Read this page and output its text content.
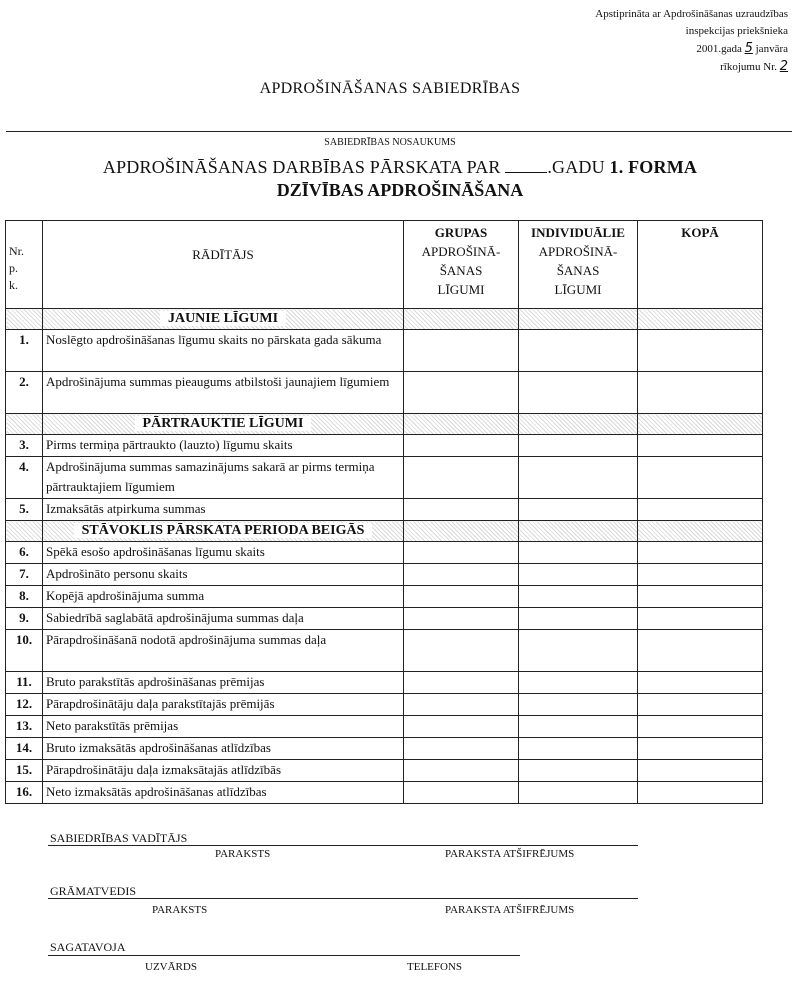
Apstiprināta ar Apdrošināšanas uzraudzības
inspekcijas priekšnieka
2001.gada 5 janvāra
rīkojumu Nr. 2
APDROŠINĀŠANAS SABIEDRĪBAS
SABIEDRĪBAS NOSAUKUMS
APDROŠINĀŠANAS DARBĪBAS PĀRSKATA PAR	.GADU 1. FORMA
DZĪVĪBAS APDROŠINĀŠANA
Nr.
p.
k.	RĀDĪTĀJS	GRUPAS
APDROŠINĀ-
ŠANAS
LĪGUMI	INDIVIDUĀLIE
APDROŠINĀ-
ŠANAS
LĪGUMI	KOPĀ
	JAUNIE LĪGUMI			
1.	Noslēgto apdrošināšanas līgumu skaits no pārskata gada sākuma			
2.	Apdrošinājuma summas pieaugums atbilstoši jaunajiem līgumiem			
	PĀRTRAUKTIE LĪGUMI			
3.	Pirms termiņa pārtraukto (lauzto) līgumu skaits			
4.	Apdrošinājuma summas samazinājums sakarā ar pirms termiņa pārtrauktajiem līgumiem			
5.	Izmaksātās atpirkuma summas			
	STĀVOKLIS PĀRSKATA PERIODA BEIGĀS			
6.	Spēkā esošo apdrošināšanas līgumu skaits			
7.	Apdrošināto personu skaits			
8.	Kopējā apdrošinājuma summa			
9.	Sabiedrībā saglabātā apdrošinājuma summas daļa			
10.	Pārapdrošināšanā nodotā apdrošinājuma summas daļa			
11.	Bruto parakstītās apdrošināšanas prēmijas			
12.	Pārapdrošinātāju daļa parakstītajās prēmijās			
13.	Neto parakstītās prēmijas			
14.	Bruto izmaksātās apdrošināšanas atlīdzības			
15.	Pārapdrošinātāju daļa izmaksātajās atlīdzībās			
16.	Neto izmaksātās apdrošināšanas atlīdzības			
SABIEDRĪBAS VADĪTĀJS
PARAKSTS	PARAKSTA ATŠIFRĒJUMS
GRĀMATVEDIS
PARAKSTS	PARAKSTA ATŠIFRĒJUMS
SAGATAVOJA
UZVĀRDS	TELEFONS
